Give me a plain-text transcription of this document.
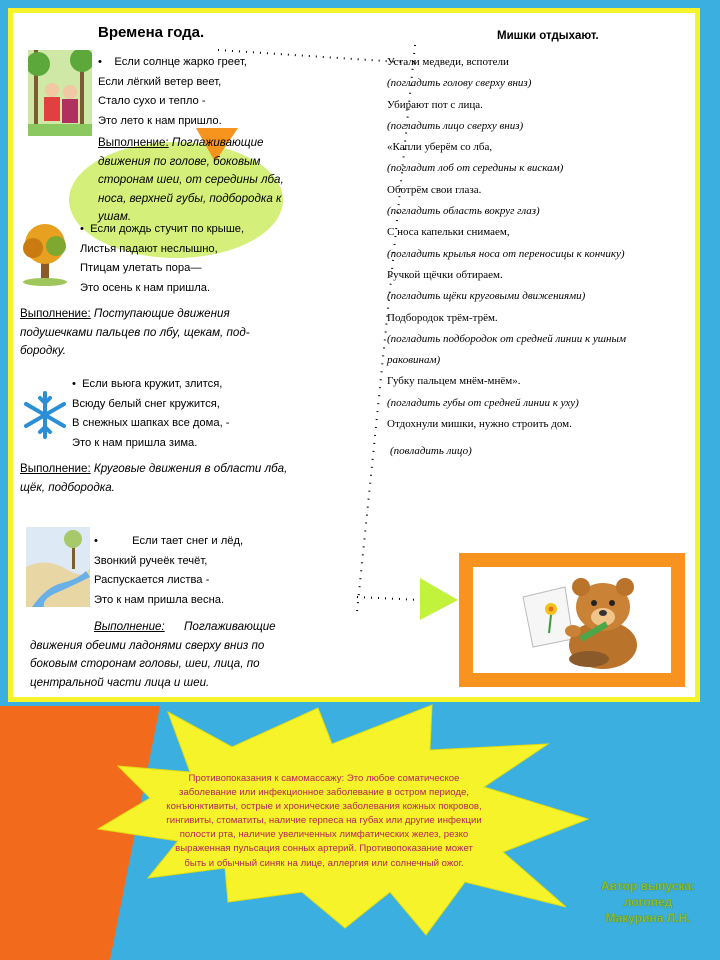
Времена года.
•    Если солнце жарко греет,
Если лёгкий ветер веет,
Стало сухо и тепло -
Это лето к нам пришло.
Выполнение: Поглаживающие движения по голове, боковым сторонам шеи, от середины лба, носа, верхней губы, подбородка к ушам.
•  Если дождь стучит по крыше,
Листья падают неслышно,
Птицам улетать пора—
Это осень к нам пришла.
Выполнение: Поступающие движения подушечками пальцев по лбу, щекам, под-бородку.
•  Если вьюга кружит, злится,
Всюду белый снег кружится,
В снежных шапках все дома, -
Это к нам пришла зима.
Выполнение: Круговые движения в области лба, щёк, подбородка.
•           Если тает снег и лёд,
Звонкий ручеёк течёт,
Распускается листва -
Это к нам пришла весна.
Выполнение: Поглаживающие движения обеими ладонями сверху вниз по боковым сторонам головы, шеи, лица, по центральной части лица и шеи.
Мишки отдыхают.
Устали медведи, вспотели
(погладить голову сверху вниз)
Убирают пот с лица.
(погладить лицо сверху вниз)
«Капли уберём со лба,
(погладит лоб от середины к вискам)
Оботрём свои глаза.
(погладить область вокруг глаз)
С носа капельки снимаем,
(погладить крылья носа от переносицы к кончику)
Ручкой щёчки обтираем.
(погладить щёки круговыми движениями)
Подбородок трём-трём.
(погладить подбородок от средней линии к ушным
раковинам)
Губку пальцем мнём-мнём».
(погладить губы от средней линии к уху)
Отдохнули мишки, нужно строить дом.
(повладить лицо)
Противопоказания к самомассажу: Это любое соматическое заболевание или инфекционное заболевание в остром периоде, конъюнктивиты, острые и хронические заболевания кожных покровов, гингивиты, стоматиты, наличие герпеса на губах или другие инфекции полости рта, наличие увеличенных лимфатических желез, резко выраженная пульсация сонных артерий. Противопоказание может быть и обычный синяк на лице, аллергия или солнечный ожог.
Автор выпуска:
логопед
Макурина Л.Н.
